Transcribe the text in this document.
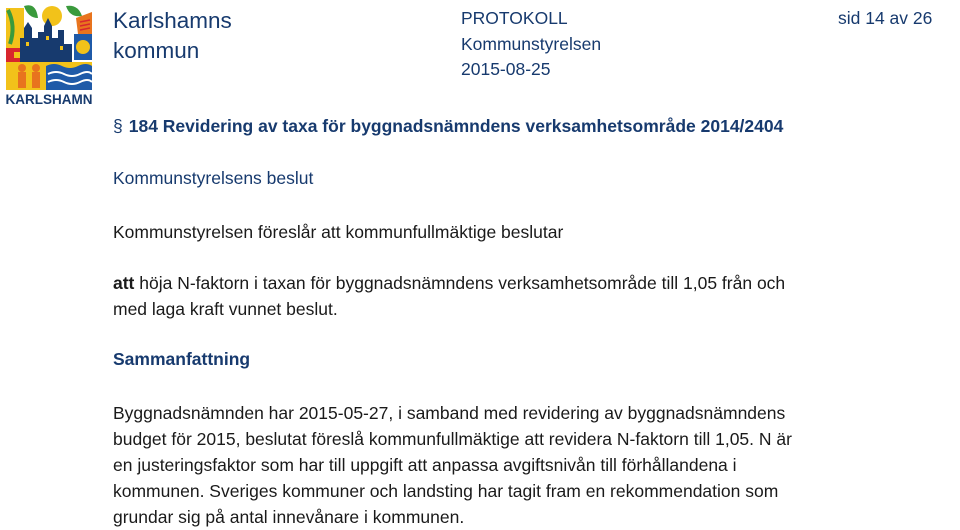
KARLSHAMN
Karlshamns
kommun
PROTOKOLL
Kommunstyrelsen
2015-08-25
sid 14 av 26
§ 184 Revidering av taxa för byggnadsnämndens verksamhetsområde 2014/2404
Kommunstyrelsens beslut
Kommunstyrelsen föreslår att kommunfullmäktige beslutar
att höja N-faktorn i taxan för byggnadsnämndens verksamhetsområde till 1,05 från och
med laga kraft vunnet beslut.
Sammanfattning
Byggnadsnämnden har 2015-05-27, i samband med revidering av byggnadsnämndens
budget för 2015, beslutat föreslå kommunfullmäktige att revidera N-faktorn till 1,05. N är
en justeringsfaktor som har till uppgift att anpassa avgiftsnivån till förhållandena i
kommunen. Sveriges kommuner och landsting har tagit fram en rekommendation som
grundar sig på antal innevånare i kommunen.
